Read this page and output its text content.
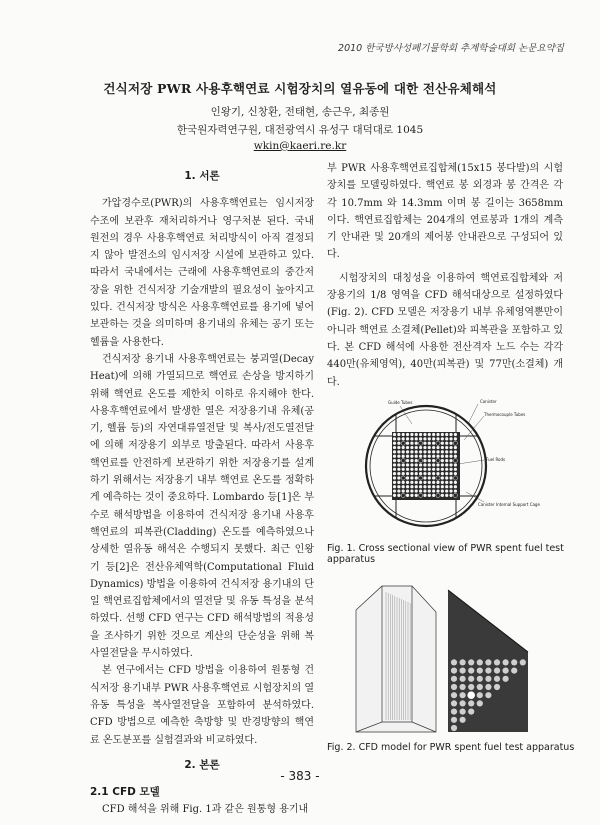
2010 한국방사성폐기물학회 추계학술대회 논문요약집
건식저장 PWR 사용후핵연료 시험장치의 열유동에 대한 전산유체해석
인왕기, 신창환, 전태현, 송근우, 최종원
한국원자력연구원, 대전광역시 유성구 대덕대로 1045
wkin@kaeri.re.kr
1. 서론

가압경수로(PWR)의 사용후핵연료는 임시저장 수조에 보관후 재처리하거나 영구처분 된다. 국내 원전의 경우 사용후핵연료 처리방식이 아직 결정되지 않아 발전소의 임시저장 시설에 보관하고 있다. 따라서 국내에서는 근래에 사용후핵연료의 중간저장을 위한 건식저장 기술개발의 필요성이 높아지고 있다. 건식저장 방식은 사용후핵연료를 용기에 넣어 보관하는 것을 의미하며 용기내의 유체는 공기 또는 헬륨을 사용한다.

건식저장 용기내 사용후핵연료는 붕괴열(Decay Heat)에 의해 가열되므로 핵연료 손상을 방지하기 위해 핵연료 온도를 제한치 이하로 유지해야 한다. 사용후핵연료에서 발생한 열은 저장용기내 유체(공기, 헬륨 등)의 자연대류열전달 및 복사/전도열전달에 의해 저장용기 외부로 방출된다. 따라서 사용후핵연료를 안전하게 보관하기 위한 저장용기를 설계하기 위해서는 저장용기 내부 핵연료 온도를 정확하게 예측하는 것이 중요하다. Lombardo 등[1]은 부수로 해석방법을 이용하여 건식저장 용기내 사용후핵연료의 피복관(Cladding) 온도를 예측하였으나 상세한 열유동 해석은 수행되지 못했다. 최근 인왕기 등[2]은 전산유체역학(Computational Fluid Dynamics) 방법을 이용하여 건식저장 용기내의 단일 핵연료집합체에서의 열전달 및 유동 특성을 분석하였다. 선행 CFD 연구는 CFD 해석방법의 적용성을 조사하기 위한 것으로 계산의 단순성을 위해 복사열전달을 무시하였다.

본 연구에서는 CFD 방법을 이용하여 원통형 건식저장 용기내부 PWR 사용후핵연료 시험장치의 열유동 특성을 복사열전달을 포함하여 분석하였다. CFD 방법으로 예측한 축방향 및 반경방향의 핵연료 온도분포를 실험결과와 비교하였다.

2. 본론
2.1 CFD 모델

CFD 해석을 위해 Fig. 1과 같은 원통형 용기내

부 PWR 사용후핵연료집합체(15x15 봉다발)의 시험장치를 모델링하였다. 핵연료 봉 외경과 봉 간격은 각각 10.7mm 와 14.3mm 이며 봉 길이는 3658mm 이다. 핵연료집합체는 204개의 연료봉과 1개의 계측기 안내관 및 20개의 제어봉 안내관으로 구성되어 있다.

시험장치의 대칭성을 이용하여 핵연료집합체와 저장용기의 1/8 영역을 CFD 해석대상으로 설정하였다(Fig. 2). CFD 모델은 저장용기 내부 유체영역뿐만이 아니라 핵연료 소결체(Pellet)와 피복관을 포함하고 있다. 본 CFD 해석에 사용한 전산격자 노드 수는 각각 440만(유체영역), 40만(피복관) 및 77만(소결체) 개다.

Guide Tubes	Canister
Thermocouple Tubes
Fuel Rods
Canister Internal Support Cage
Fig. 1. Cross sectional view of PWR spent fuel test apparatus
Fig. 2. CFD model for PWR spent fuel test apparatus
- 383 -
